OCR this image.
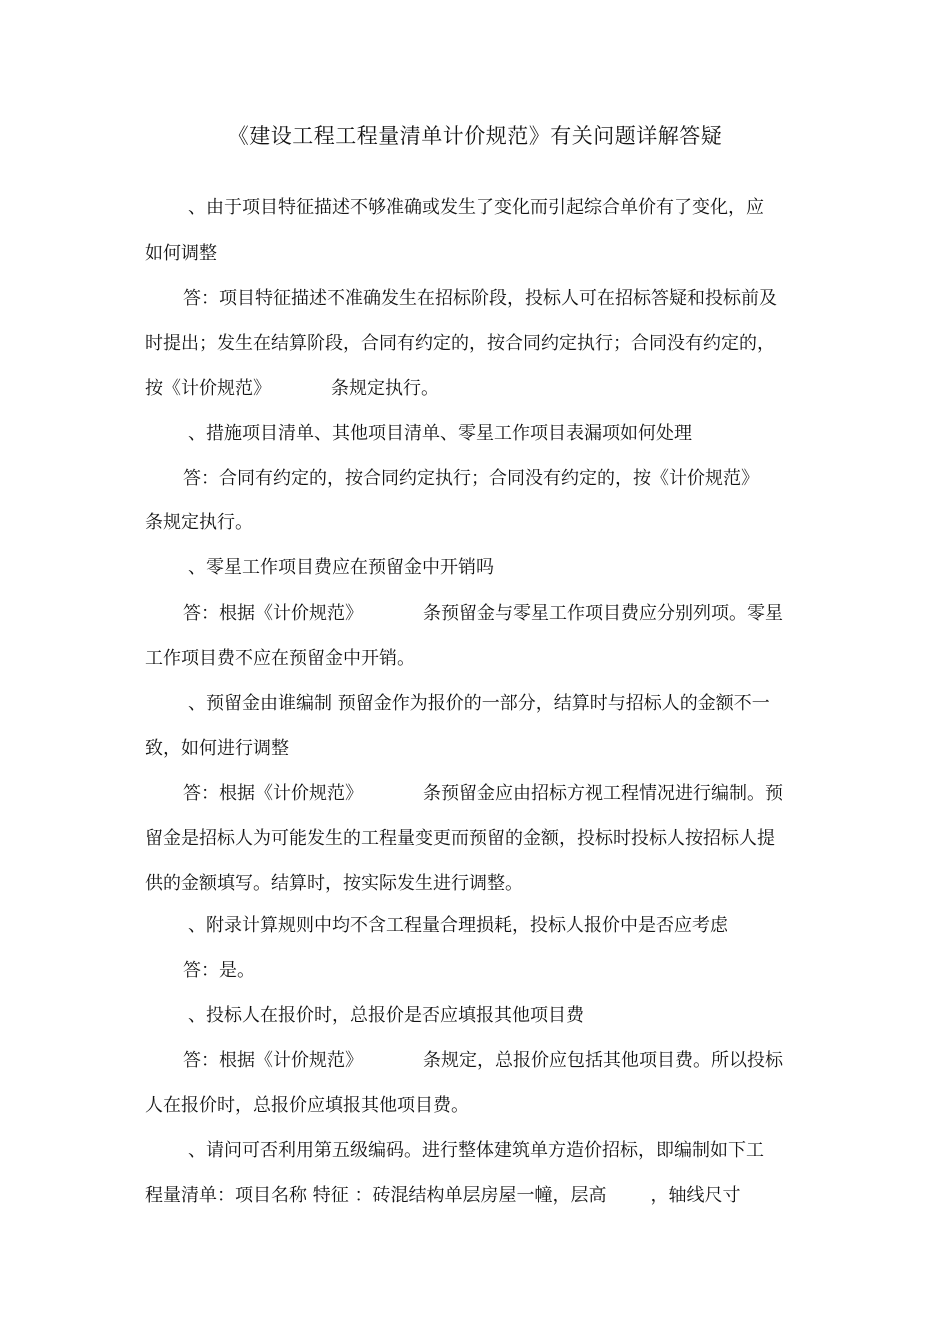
《建设工程工程量清单计价规范》有关问题详解答疑
、由于项目特征描述不够准确或发生了变化而引起综合单价有了变化，应
如何调整
答：项目特征描述不准确发生在招标阶段，投标人可在招标答疑和投标前及
时提出；发生在结算阶段，合同有约定的，按合同约定执行；合同没有约定的，
按《计价规范》	条规定执行。
、措施项目清单、其他项目清单、零星工作项目表漏项如何处理
答：合同有约定的，按合同约定执行；合同没有约定的，按《计价规范》
条规定执行。
、零星工作项目费应在预留金中开销吗
答：根据《计价规范》	条预留金与零星工作项目费应分别列项。零星
工作项目费不应在预留金中开销。
、预留金由谁编制 预留金作为报价的一部分，结算时与招标人的金额不一
致，如何进行调整
答：根据《计价规范》	条预留金应由招标方视工程情况进行编制。预
留金是招标人为可能发生的工程量变更而预留的金额，投标时投标人按招标人提
供的金额填写。结算时，按实际发生进行调整。
、附录计算规则中均不含工程量合理损耗，投标人报价中是否应考虑
答：是。
、投标人在报价时，总报价是否应填报其他项目费
答：根据《计价规范》	条规定，总报价应包括其他项目费。所以投标
人在报价时，总报价应填报其他项目费。
、请问可否利用第五级编码。进行整体建筑单方造价招标，即编制如下工
程量清单：项目名称 特征 ：砖混结构单层房屋一幢，层高 ，轴线尺寸
